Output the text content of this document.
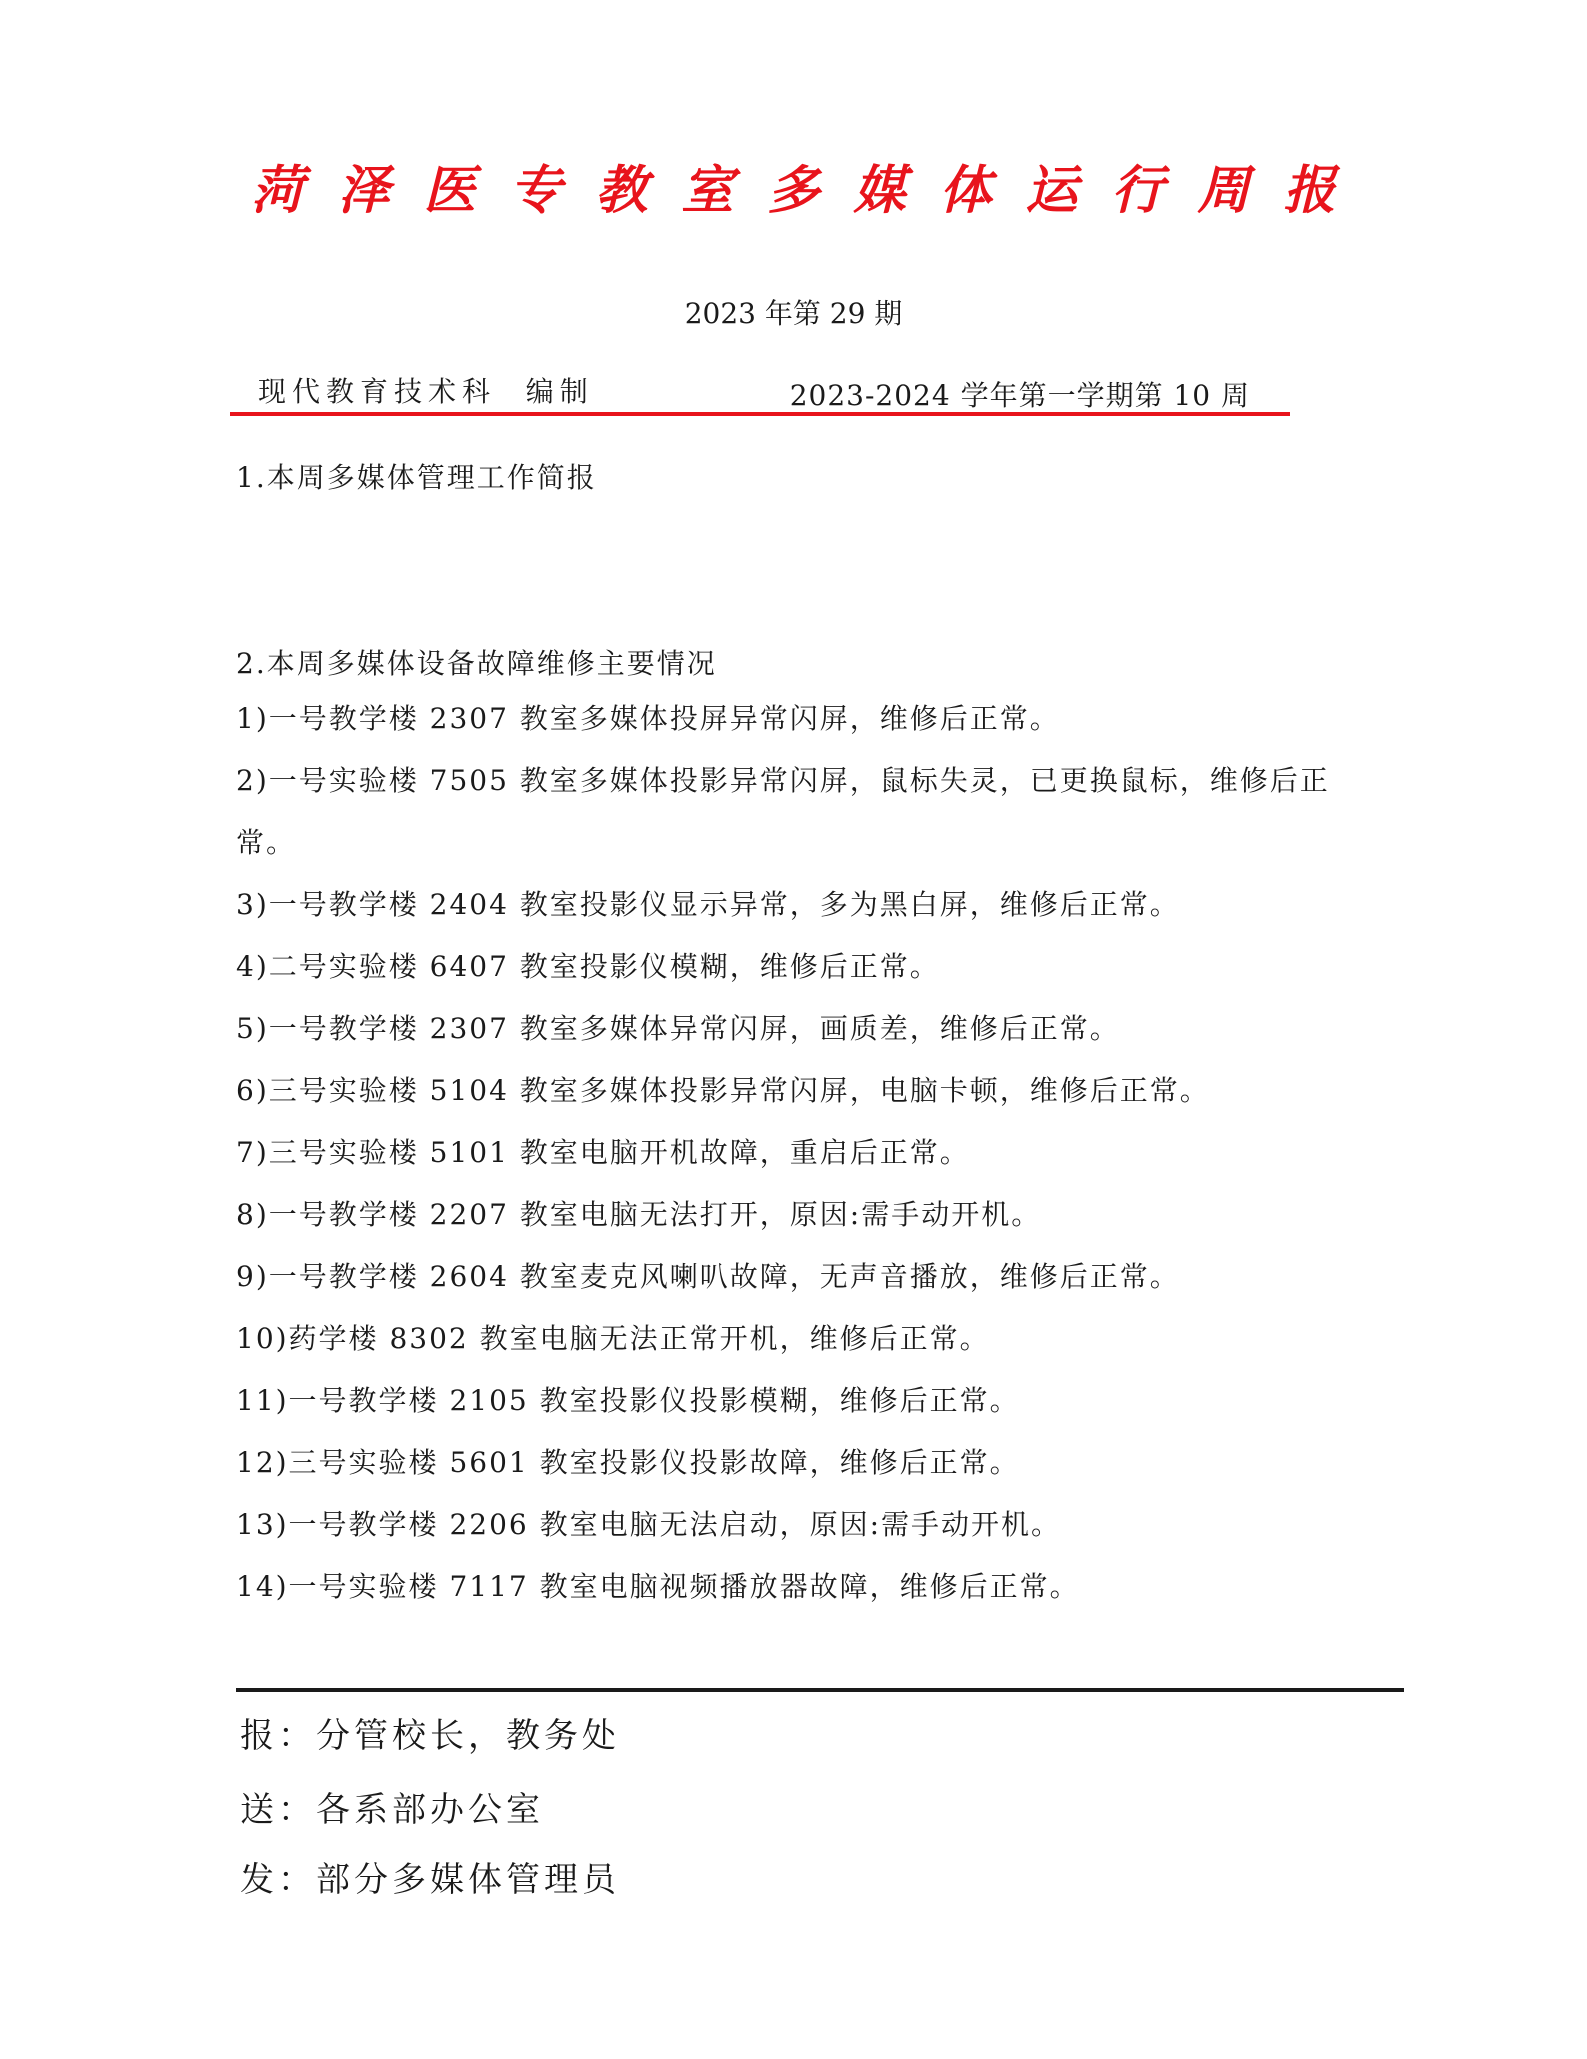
菏泽医专教室多媒体运行周报
2023 年第 29 期
现代教育技术科  编制	2023-2024 学年第一学期第 10 周
1.本周多媒体管理工作简报
2.本周多媒体设备故障维修主要情况
1)一号教学楼 2307 教室多媒体投屏异常闪屏，维修后正常。
2)一号实验楼 7505 教室多媒体投影异常闪屏，鼠标失灵，已更换鼠标，维修后正常。
3)一号教学楼 2404 教室投影仪显示异常，多为黑白屏，维修后正常。
4)二号实验楼 6407 教室投影仪模糊，维修后正常。
5)一号教学楼 2307 教室多媒体异常闪屏，画质差，维修后正常。
6)三号实验楼 5104 教室多媒体投影异常闪屏，电脑卡顿，维修后正常。
7)三号实验楼 5101 教室电脑开机故障，重启后正常。
8)一号教学楼 2207 教室电脑无法打开，原因:需手动开机。
9)一号教学楼 2604 教室麦克风喇叭故障，无声音播放，维修后正常。
10)药学楼 8302 教室电脑无法正常开机，维修后正常。
11)一号教学楼 2105 教室投影仪投影模糊，维修后正常。
12)三号实验楼 5601 教室投影仪投影故障，维修后正常。
13)一号教学楼 2206 教室电脑无法启动，原因:需手动开机。
14)一号实验楼 7117 教室电脑视频播放器故障，维修后正常。
报：分管校长，教务处
送：各系部办公室
发：部分多媒体管理员
